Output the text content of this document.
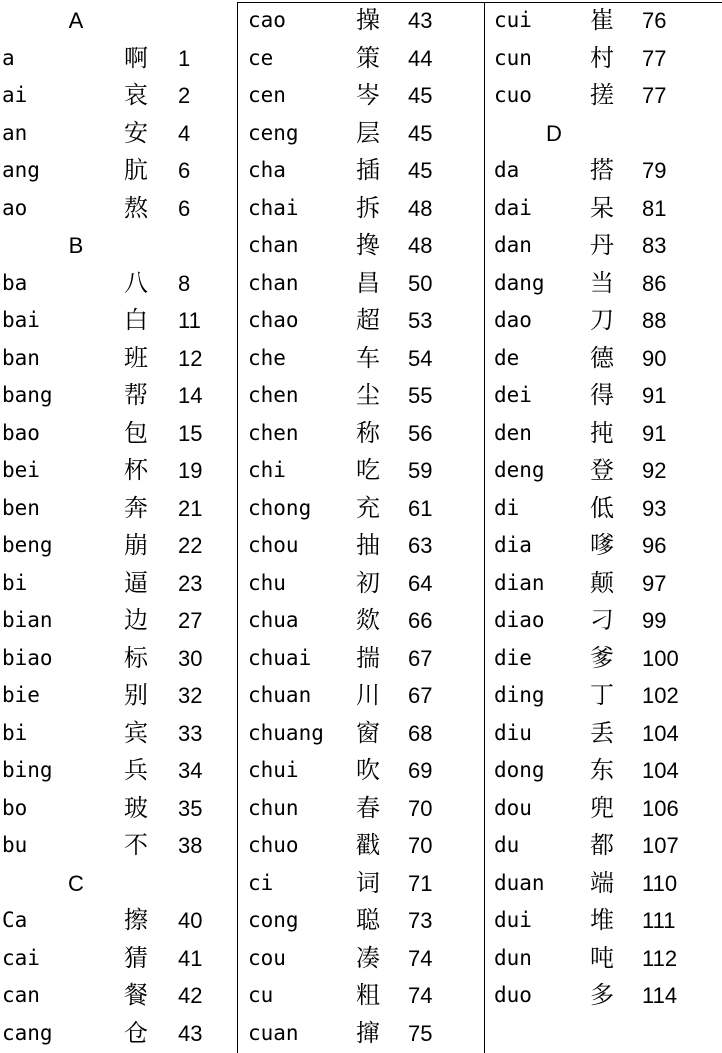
A
a	啊 1
ai	哀 2
an	安 4
ang	肮 6
ao	熬 6
B
ba	八 8
bai	白 11
ban	班 12
bang	帮 14
bao	包 15
bei	杯 19
ben	奔 21
beng	崩 22
bi	逼 23
bian	边 27
biao	标 30
bie	别 32
bi	宾 33
bing	兵 34
bo	玻 35
bu	不 38
C
Ca	擦 40
cai	猜 41
can	餐 42
cang	仓 43
cao	操 43
ce	策 44
cen	岑 45
ceng 层 45
cha	插 45
chai 拆 48
chan 搀 48
chan 昌 50
chao 超 53
che	车 54
chen 尘 55
chen 称 56
chi	吃 59
chong 充 61
chou 抽 63
chu	初 64
chua 欻 66
chuai 揣 67
chuan 川 67
chuang 窗 68
chui 吹 69
chun 春 70
chuo 戳 70
ci	词 71
cong 聪 73
cou	凑 74
cu	粗 74
cuan 撺 75
cui 崔 76
cun 村 77
cuo 搓 77
D
da	搭 79
dai 呆 81
dan 丹 83
dang 当 86
dao 刀 88
de	德 90
dei 得 91
den 扽 91
deng 登 92
di	低 93
dia 嗲 96
dian 颠 97
diao 刁 99
die 爹 100
ding 丁 102
diu 丢 104
dong 东 104
dou 兜 106
du	都 107
duan 端 110
dui 堆 111
dun 吨 112
duo 多 114
